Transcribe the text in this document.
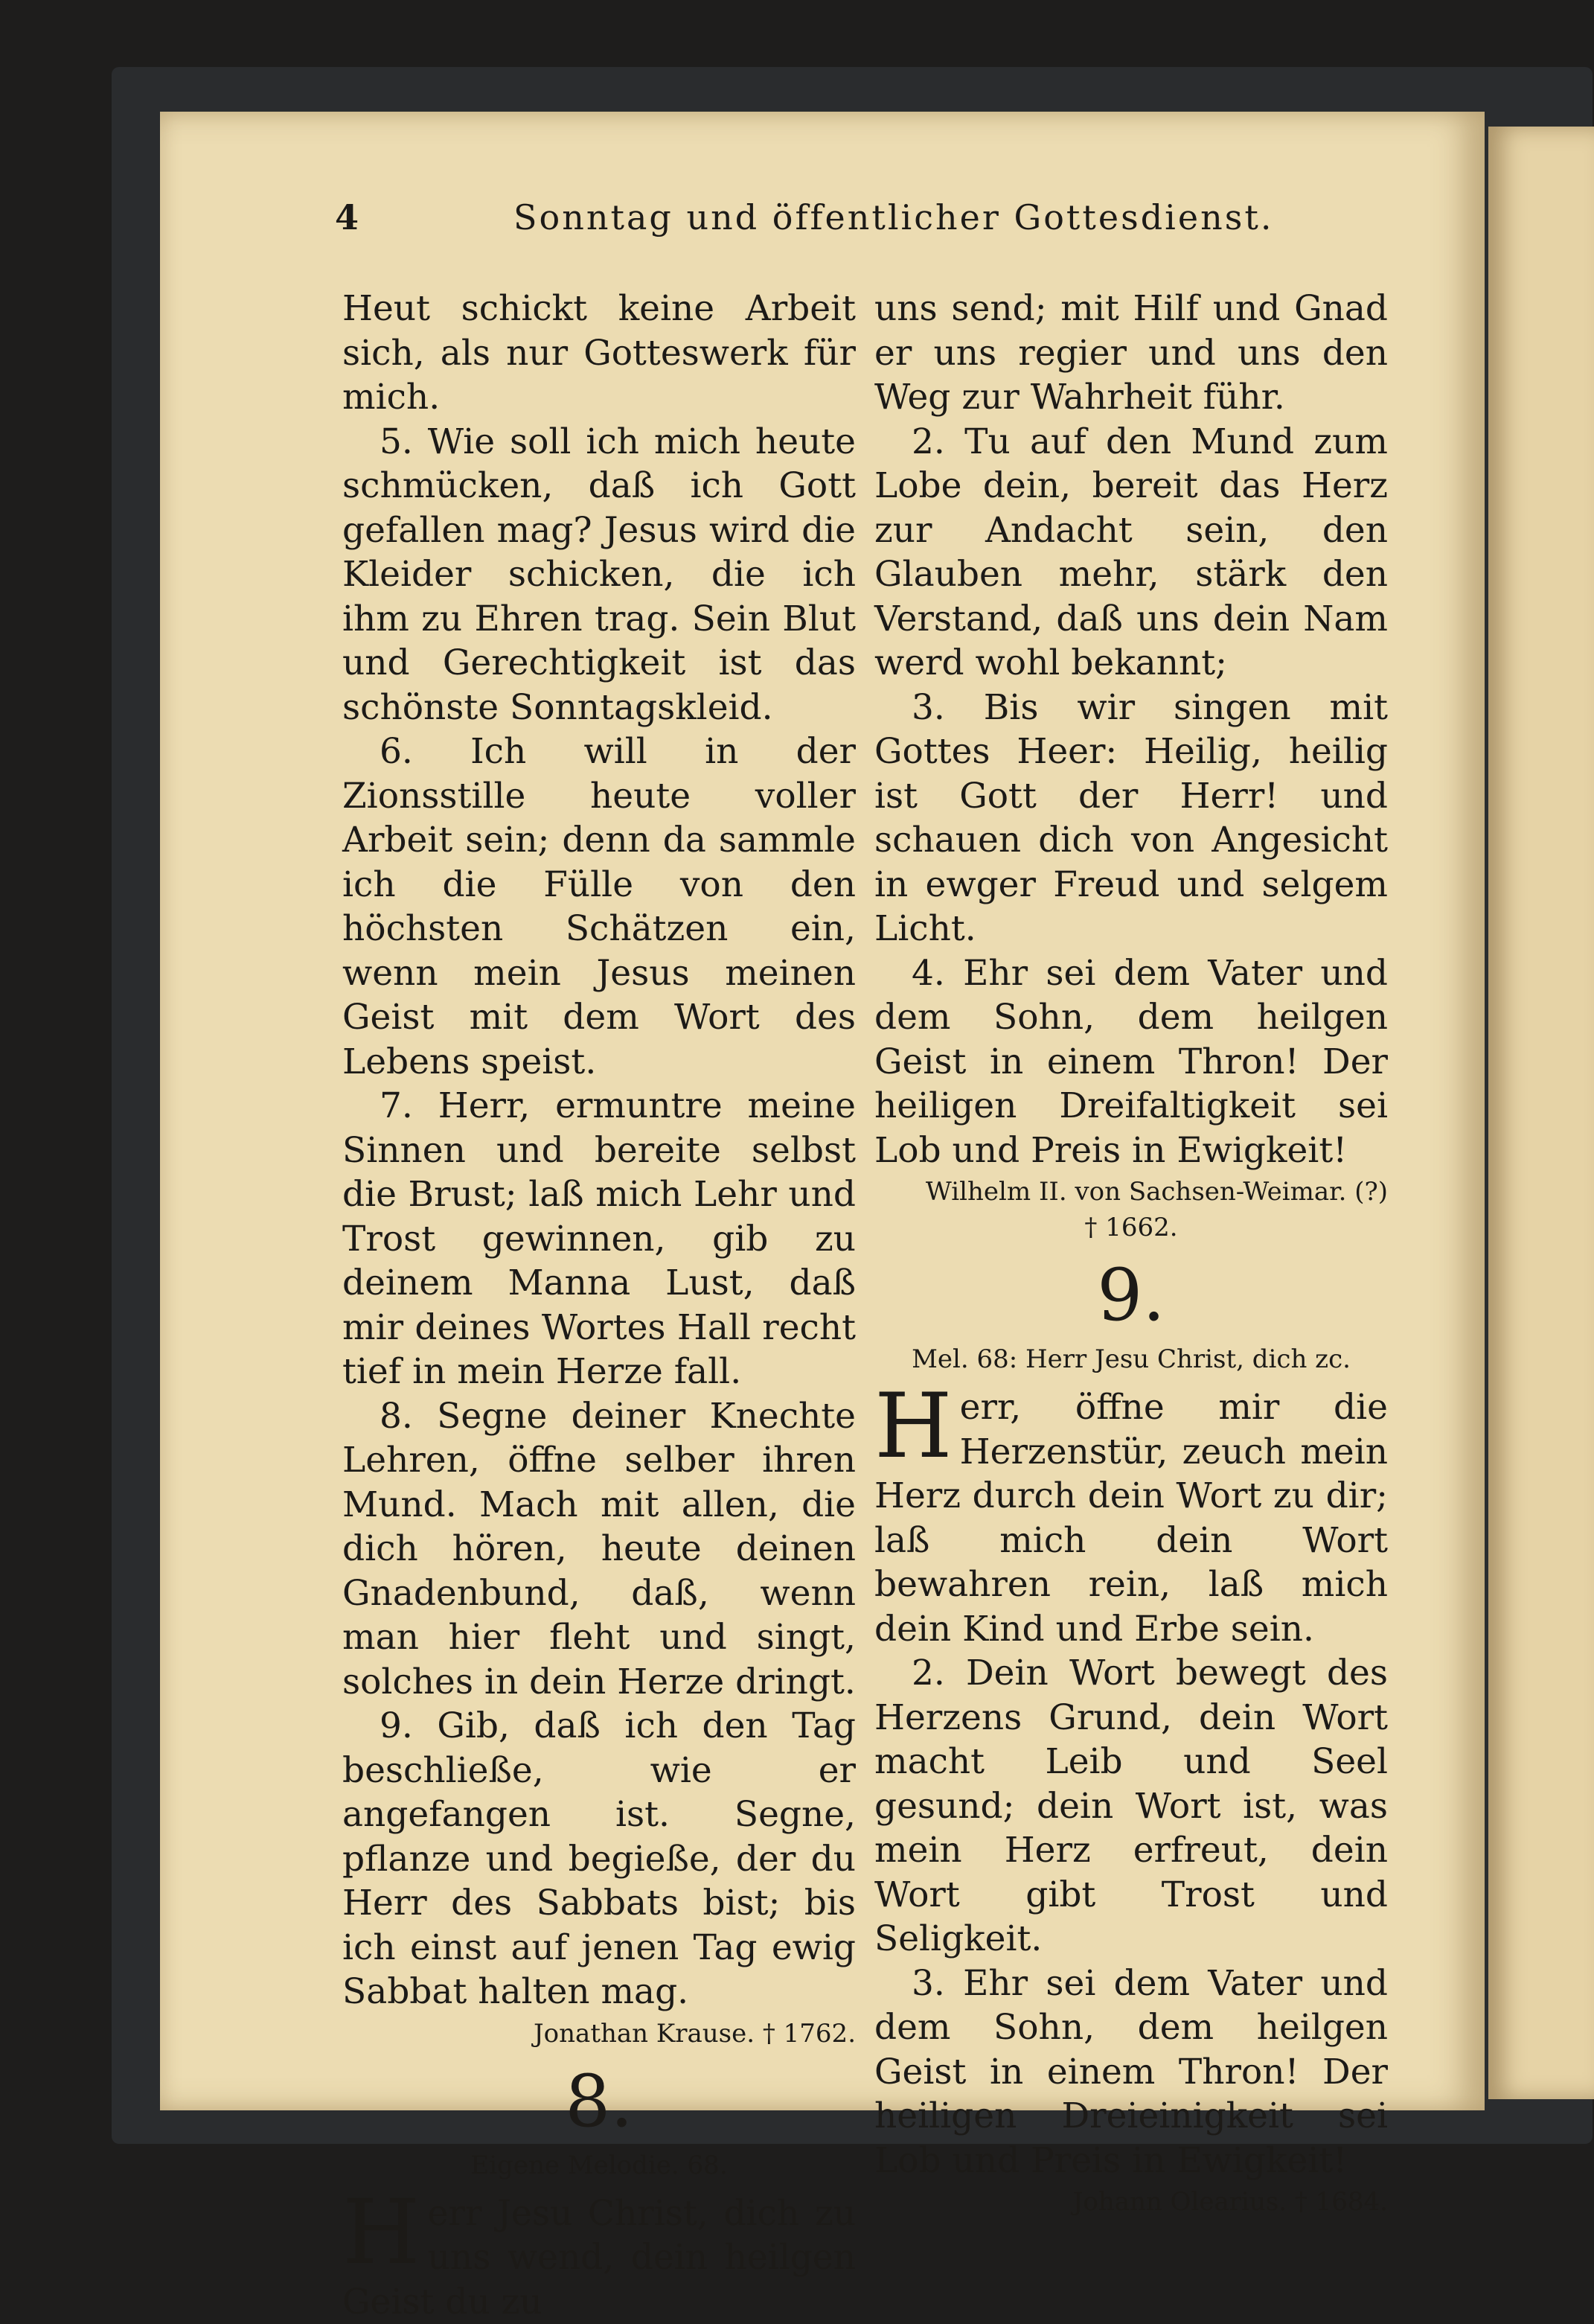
4	Sonntag und öffentlicher Gottesdienst.

Heut schickt keine Arbeit sich, als nur Gotteswerk für mich.

5. Wie soll ich mich heute schmücken, daß ich Gott gefallen mag? Jesus wird die Kleider schicken, die ich ihm zu Ehren trag. Sein Blut und Gerechtigkeit ist das schönste Sonntagskleid.

6. Ich will in der Zionsstille heute voller Arbeit sein; denn da sammle ich die Fülle von den höchsten Schätzen ein, wenn mein Jesus meinen Geist mit dem Wort des Lebens speist.

7. Herr, ermuntre meine Sinnen und bereite selbst die Brust; laß mich Lehr und Trost gewinnen, gib zu deinem Manna Lust, daß mir deines Wortes Hall recht tief in mein Herze fall.

8. Segne deiner Knechte Lehren, öffne selber ihren Mund. Mach mit allen, die dich hören, heute deinen Gnadenbund, daß, wenn man hier fleht und singt, solches in dein Herze dringt.

9. Gib, daß ich den Tag beschließe, wie er angefangen ist. Segne, pflanze und begieße, der du Herr des Sabbats bist; bis ich einst auf jenen Tag ewig Sabbat halten mag.

Jonathan Krause. † 1762.
8.
Eigene Melodie. 68.

Herr Jesu Christ, dich zu uns wend, dein heilgen Geist du zu

uns send; mit Hilf und Gnad er uns regier und uns den Weg zur Wahrheit führ.

2. Tu auf den Mund zum Lobe dein, bereit das Herz zur Andacht sein, den Glauben mehr, stärk den Verstand, daß uns dein Nam werd wohl bekannt;

3. Bis wir singen mit Gottes Heer: Heilig, heilig ist Gott der Herr! und schauen dich von Angesicht in ewger Freud und selgem Licht.

4. Ehr sei dem Vater und dem Sohn, dem heilgen Geist in einem Thron! Der heiligen Dreifaltigkeit sei Lob und Preis in Ewigkeit!

Wilhelm II. von Sachsen-Weimar. (?)
† 1662.
9.
Mel. 68: Herr Jesu Christ, dich zc.

Herr, öffne mir die Herzenstür, zeuch mein Herz durch dein Wort zu dir; laß mich dein Wort bewahren rein, laß mich dein Kind und Erbe sein.

2. Dein Wort bewegt des Herzens Grund, dein Wort macht Leib und Seel gesund; dein Wort ist, was mein Herz erfreut, dein Wort gibt Trost und Seligkeit.

3. Ehr sei dem Vater und dem Sohn, dem heilgen Geist in einem Thron! Der heiligen Dreieinigkeit sei Lob und Preis in Ewigkeit!

Johann Olearius. † 1684.
